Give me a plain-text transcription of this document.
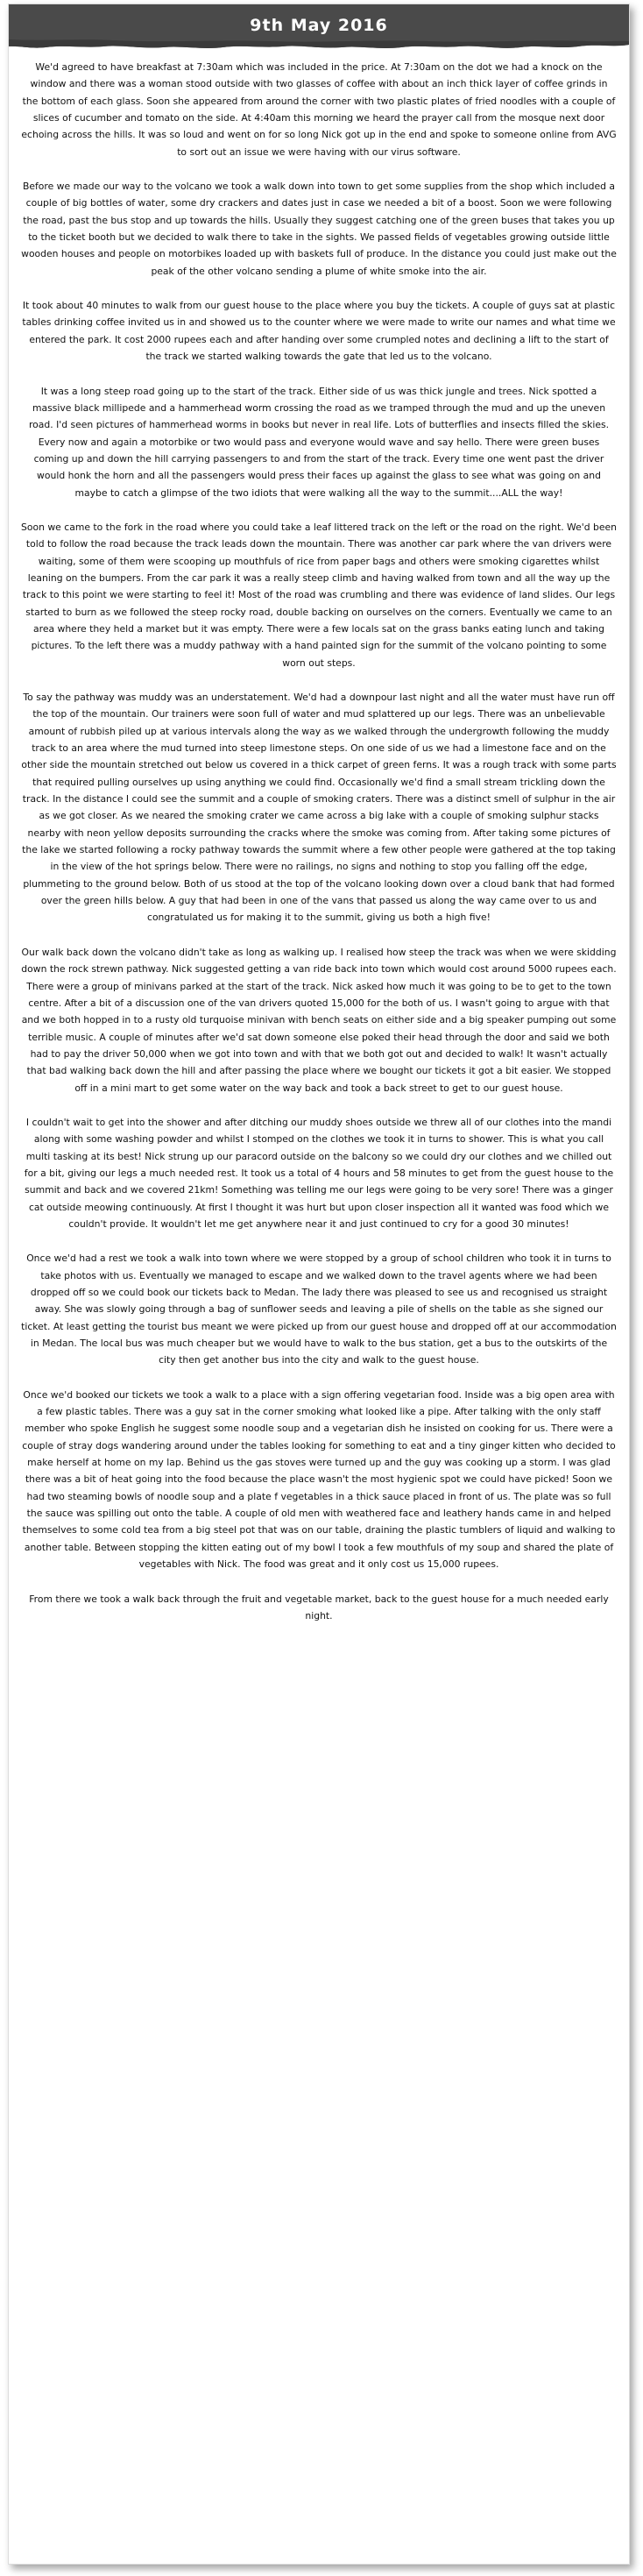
9th May 2016

We'd agreed to have breakfast at 7:30am which was included in the price. At 7:30am on the dot we had a knock on the window and there was a woman stood outside with two glasses of coffee with about an inch thick layer of coffee grinds in the bottom of each glass. Soon she appeared from around the corner with two plastic plates of fried noodles with a couple of slices of cucumber and tomato on the side. At 4:40am this morning we heard the prayer call from the mosque next door echoing across the hills. It was so loud and went on for so long Nick got up in the end and spoke to someone online from AVG to sort out an issue we were having with our virus software.

Before we made our way to the volcano we took a walk down into town to get some supplies from the shop which included a couple of big bottles of water, some dry crackers and dates just in case we needed a bit of a boost. Soon we were following the road, past the bus stop and up towards the hills. Usually they suggest catching one of the green buses that takes you up to the ticket booth but we decided to walk there to take in the sights. We passed fields of vegetables growing outside little wooden houses and people on motorbikes loaded up with baskets full of produce. In the distance you could just make out the peak of the other volcano sending a plume of white smoke into the air.

It took about 40 minutes to walk from our guest house to the place where you buy the tickets. A couple of guys sat at plastic tables drinking coffee invited us in and showed us to the counter where we were made to write our names and what time we entered the park. It cost 2000 rupees each and after handing over some crumpled notes and declining a lift to the start of the track we started walking towards the gate that led us to the volcano.

It was a long steep road going up to the start of the track. Either side of us was thick jungle and trees. Nick spotted a massive black millipede and a hammerhead worm crossing the road as we tramped through the mud and up the uneven road. I'd seen pictures of hammerhead worms in books but never in real life. Lots of butterflies and insects filled the skies. Every now and again a motorbike or two would pass and everyone would wave and say hello. There were green buses coming up and down the hill carrying passengers to and from the start of the track. Every time one went past the driver would honk the horn and all the passengers would press their faces up against the glass to see what was going on and maybe to catch a glimpse of the two idiots that were walking all the way to the summit....ALL the way!

Soon we came to the fork in the road where you could take a leaf littered track on the left or the road on the right. We'd been told to follow the road because the track leads down the mountain. There was another car park where the van drivers were waiting, some of them were scooping up mouthfuls of rice from paper bags and others were smoking cigarettes whilst leaning on the bumpers. From the car park it was a really steep climb and having walked from town and all the way up the track to this point we were starting to feel it! Most of the road was crumbling and there was evidence of land slides. Our legs started to burn as we followed the steep rocky road, double backing on ourselves on the corners. Eventually we came to an area where they held a market but it was empty. There were a few locals sat on the grass banks eating lunch and taking pictures. To the left there was a muddy pathway with a hand painted sign for the summit of the volcano pointing to some worn out steps.

To say the pathway was muddy was an understatement. We'd had a downpour last night and all the water must have run off the top of the mountain. Our trainers were soon full of water and mud splattered up our legs. There was an unbelievable amount of rubbish piled up at various intervals along the way as we walked through the undergrowth following the muddy track to an area where the mud turned into steep limestone steps. On one side of us we had a limestone face and on the other side the mountain stretched out below us covered in a thick carpet of green ferns. It was a rough track with some parts that required pulling ourselves up using anything we could find. Occasionally we'd find a small stream trickling down the track. In the distance I could see the summit and a couple of smoking craters. There was a distinct smell of sulphur in the air as we got closer. As we neared the smoking crater we came across a big lake with a couple of smoking sulphur stacks nearby with neon yellow deposits surrounding the cracks where the smoke was coming from. After taking some pictures of the lake we started following a rocky pathway towards the summit where a few other people were gathered at the top taking in the view of the hot springs below. There were no railings, no signs and nothing to stop you falling off the edge, plummeting to the ground below. Both of us stood at the top of the volcano looking down over a cloud bank that had formed over the green hills below. A guy that had been in one of the vans that passed us along the way came over to us and congratulated us for making it to the summit, giving us both a high five!

Our walk back down the volcano didn't take as long as walking up. I realised how steep the track was when we were skidding down the rock strewn pathway. Nick suggested getting a van ride back into town which would cost around 5000 rupees each. There were a group of minivans parked at the start of the track. Nick asked how much it was going to be to get to the town centre. After a bit of a discussion one of the van drivers quoted 15,000 for the both of us. I wasn't going to argue with that and we both hopped in to a rusty old turquoise minivan with bench seats on either side and a big speaker pumping out some terrible music. A couple of minutes after we'd sat down someone else poked their head through the door and said we both had to pay the driver 50,000 when we got into town and with that we both got out and decided to walk! It wasn't actually that bad walking back down the hill and after passing the place where we bought our tickets it got a bit easier. We stopped off in a mini mart to get some water on the way back and took a back street to get to our guest house.

I couldn't wait to get into the shower and after ditching our muddy shoes outside we threw all of our clothes into the mandi along with some washing powder and whilst I stomped on the clothes we took it in turns to shower. This is what you call multi tasking at its best! Nick strung up our paracord outside on the balcony so we could dry our clothes and we chilled out for a bit, giving our legs a much needed rest. It took us a total of 4 hours and 58 minutes to get from the guest house to the summit and back and we covered 21km! Something was telling me our legs were going to be very sore! There was a ginger cat outside meowing continuously. At first I thought it was hurt but upon closer inspection all it wanted was food which we couldn't provide. It wouldn't let me get anywhere near it and just continued to cry for a good 30 minutes!

Once we'd had a rest we took a walk into town where we were stopped by a group of school children who took it in turns to take photos with us. Eventually we managed to escape and we walked down to the travel agents where we had been dropped off so we could book our tickets back to Medan. The lady there was pleased to see us and recognised us straight away. She was slowly going through a bag of sunflower seeds and leaving a pile of shells on the table as she signed our ticket. At least getting the tourist bus meant we were picked up from our guest house and dropped off at our accommodation in Medan. The local bus was much cheaper but we would have to walk to the bus station, get a bus to the outskirts of the city then get another bus into the city and walk to the guest house.

Once we'd booked our tickets we took a walk to a place with a sign offering vegetarian food. Inside was a big open area with a few plastic tables. There was a guy sat in the corner smoking what looked like a pipe. After talking with the only staff member who spoke English he suggest some noodle soup and a vegetarian dish he insisted on cooking for us. There were a couple of stray dogs wandering around under the tables looking for something to eat and a tiny ginger kitten who decided to make herself at home on my lap. Behind us the gas stoves were turned up and the guy was cooking up a storm. I was glad there was a bit of heat going into the food because the place wasn't the most hygienic spot we could have picked! Soon we had two steaming bowls of noodle soup and a plate f vegetables in a thick sauce placed in front of us. The plate was so full the sauce was spilling out onto the table. A couple of old men with weathered face and leathery hands came in and helped themselves to some cold tea from a big steel pot that was on our table, draining the plastic tumblers of liquid and walking to another table. Between stopping the kitten eating out of my bowl I took a few mouthfuls of my soup and shared the plate of vegetables with Nick. The food was great and it only cost us 15,000 rupees.

From there we took a walk back through the fruit and vegetable market, back to the guest house for a much needed early night.
